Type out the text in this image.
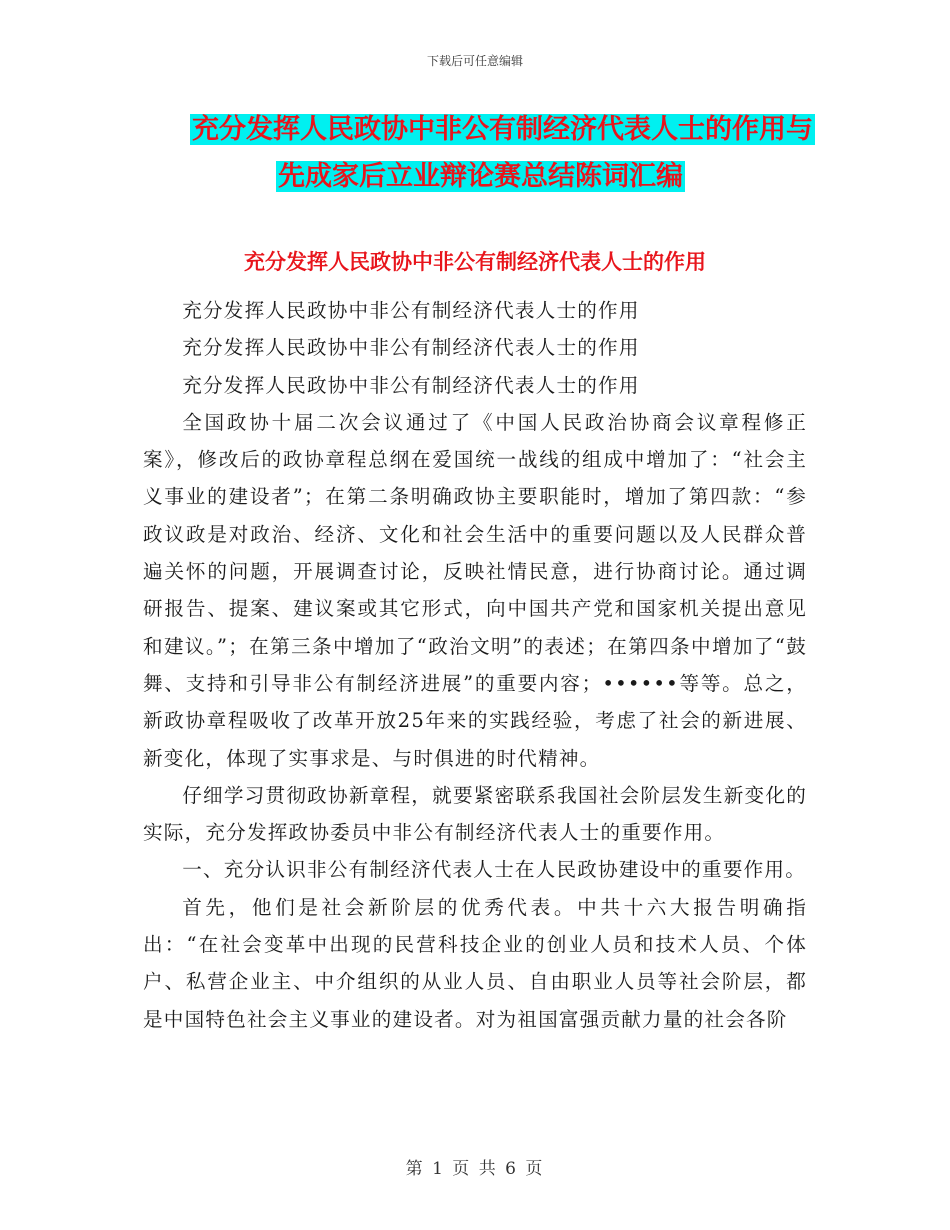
下载后可任意编辑
充分发挥人民政协中非公有制经济代表人士的作用与
先成家后立业辩论赛总结陈词汇编
充分发挥人民政协中非公有制经济代表人士的作用

充分发挥人民政协中非公有制经济代表人士的作用

充分发挥人民政协中非公有制经济代表人士的作用

充分发挥人民政协中非公有制经济代表人士的作用

全国政协十届二次会议通过了《中国人民政治协商会议章程修正案》，修改后的政协章程总纲在爱国统一战线的组成中增加了：“社会主义事业的建设者”；在第二条明确政协主要职能时，增加了第四款：“参政议政是对政治、经济、文化和社会生活中的重要问题以及人民群众普遍关怀的问题，开展调查讨论，反映社情民意，进行协商讨论。通过调研报告、提案、建议案或其它形式，向中国共产党和国家机关提出意见和建议。”；在第三条中增加了“政治文明”的表述；在第四条中增加了“鼓舞、支持和引导非公有制经济进展”的重要内容；••••••等等。总之，新政协章程吸收了改革开放25年来的实践经验，考虑了社会的新进展、新变化，体现了实事求是、与时俱进的时代精神。

仔细学习贯彻政协新章程，就要紧密联系我国社会阶层发生新变化的实际，充分发挥政协委员中非公有制经济代表人士的重要作用。

一、充分认识非公有制经济代表人士在人民政协建设中的重要作用。

首先，他们是社会新阶层的优秀代表。中共十六大报告明确指出：“在社会变革中出现的民营科技企业的创业人员和技术人员、个体户、私营企业主、中介组织的从业人员、自由职业人员等社会阶层，都是中国特色社会主义事业的建设者。对为祖国富强贡献力量的社会各阶

第 1 页 共 6 页
